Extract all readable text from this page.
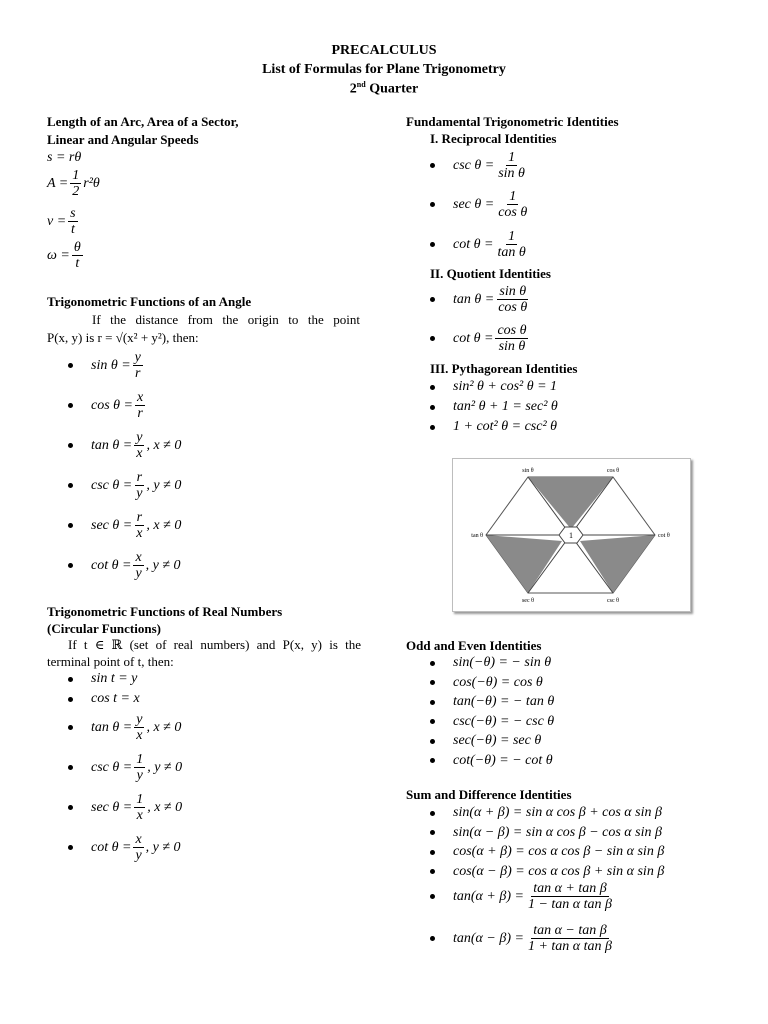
PRECALCULUS
List of Formulas for Plane Trigonometry
2nd Quarter
Length of an Arc, Area of a Sector,
Linear and Angular Speeds
s = rθ
$A = \frac{1}{2} r^2\theta$
$v = \frac{s}{t}$
$\omega = \frac{\theta}{t}$
Trigonometric Functions of an Angle
If the distance from the origin to the point
P(x, y) is r = √(x² + y²), then:
$\sin \theta = \frac{y}{r}$
$\cos \theta = \frac{x}{r}$
$\tan \theta = \frac{y}{x}$ , x ≠ 0
$\csc \theta = \frac{r}{y}$ , y ≠ 0
$\sec \theta = \frac{r}{x}$ , x ≠ 0
$\cot \theta = \frac{x}{y}$ , y ≠ 0
Trigonometric Functions of Real Numbers
(Circular Functions)
If t ∈ ℝ (set of real numbers) and P(x, y) is the
terminal point of t, then:
sin t = y
cos t = x
$\tan \theta = \frac{y}{x}$ , x ≠ 0
$\csc \theta = \frac{1}{y}$ , y ≠ 0
$\sec \theta = \frac{1}{x}$ , x ≠ 0
$\cot \theta = \frac{x}{y}$ , y ≠ 0
Fundamental Trigonometric Identities
I. Reciprocal Identities
$\csc \theta = \frac{1}{\text{sin θ}}$
$\sec \theta = \frac{1}{\text{cos θ}}$
$\cot \theta = \frac{1}{\text{tan θ}}$
II. Quotient Identities
$\tan \theta = \frac{\text{sin θ}}{\text{cos θ}}$
$\cot \theta = \frac{\text{cos θ}}{\text{sin θ}}$
III. Pythagorean Identities
sin² θ + cos² θ = 1
tan² θ + 1 = sec² θ
1 + cot² θ = csc² θ
1
sin θ	cos θ
tan θ	cot θ
sec θ	csc θ
Odd and Even Identities
sin(−θ) = − sin θ
cos(−θ) = cos θ
tan(−θ) = − tan θ
csc(−θ) = − csc θ
sec(−θ) = sec θ
cot(−θ) = − cot θ
Sum and Difference Identities
sin(α + β) = sin α cos β + cos α sin β
sin(α − β) = sin α cos β − cos α sin β
cos(α + β) = cos α cos β − sin α sin β
cos(α − β) = cos α cos β + sin α sin β
$\tan(\alpha + \beta) = \frac{\text{tan α + tan β}}{\text{1 − tan α tan β}}$
$\tan(\alpha - \beta) = \frac{\text{tan α − tan β}}{\text{1 + tan α tan β}}$
